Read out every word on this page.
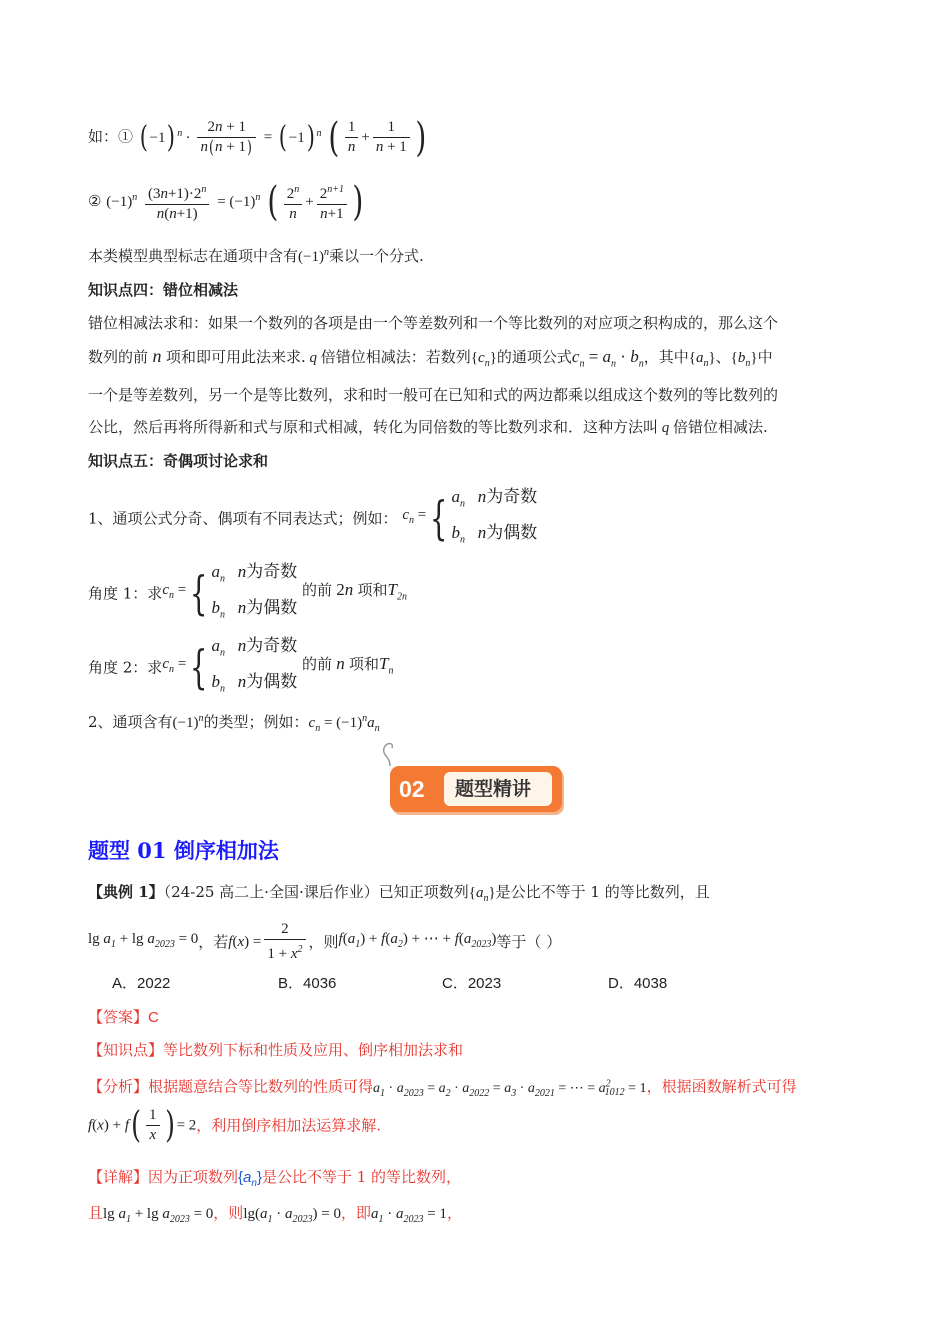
如：① ( −1) $^n \cdot \frac{2n + 1}{n(n + 1)}$ = ( −1) $^n$ ( $\frac{1}{n} + \frac{1}{n + 1}$ )
② $(-1)^n \frac{(3n+1)\cdot 2^n}{n(n+1)} = (-1)^n$ ( $\frac{2^n}{n} + \frac{2^{n+1}}{n+1}$ )
本类模型典型标志在通项中含有$(-1)^n$乘以一个分式.
知识点四：错位相减法
错位相减法求和：如果一个数列的各项是由一个等差数列和一个等比数列的对应项之积构成的，那么这个
数列的前 n 项和即可用此法来求. q 倍错位相减法：若数列$\{c_n\}$的通项公式$c_n = a_n \cdot b_n$，其中$\{a_n\}$、$\{b_n\}$中
一个是等差数列，另一个是等比数列，求和时一般可在已知和式的两边都乘以组成这个数列的等比数列的
公比，然后再将所得新和式与原和式相减，转化为同倍数的等比数列求和．这种方法叫 q 倍错位相减法.
知识点五：奇偶项讨论求和
1、通项公式分奇、偶项有不同表达式；例如： $c_n$ ={ $a_n$ n为奇数
$b_n$ n为偶数
角度 1：求$c_n$ ={ $a_n$ n为奇数
$b_n$ n为偶数
的前 2n 项和$T_{2n}$
角度 2：求$c_n$ ={ $a_n$ n为奇数
$b_n$ n为偶数
的前 n 项和$T_n$
2、通项含有$(-1)^n$的类型；例如：$c_n = (-1)^na_n$
02 题型精讲
题型 01 倒序相加法
【典例 1】（24-25 高二上·全国·课后作业）已知正项数列$\{a_n\}$是公比不等于 1 的等比数列，且
$\lg a_1 + \lg a_{2023} = 0$，若$f(x) = \frac{2}{1 + x^2}$ ，则$f(a_1) + f(a_2)$ + ⋯ + $f(a_{2023})$等于（ ）
A．2022	B．4036	C．2023	D．4038
【答案】C
【知识点】等比数列下标和性质及应用、倒序相加法求和
【分析】根据题意结合等比数列的性质可得$a_1 \cdot a_{2023} = a_2 \cdot a_{2022} = a_3 \cdot a_{2021}$ = ⋯ = $a^2_{1012} = 1$，根据函数解析式可得
$f(x) + f( \frac{1}{x}$ ) = 2，利用倒序相加法运算求解.
【详解】因为正项数列$\{a_n\}$是公比不等于 1 的等比数列，
且$\lg a_1 + \lg a_{2023} = 0$，则$\lg(a_1 \cdot a_{2023}) = 0$，即$a_1 \cdot a_{2023} = 1$，
